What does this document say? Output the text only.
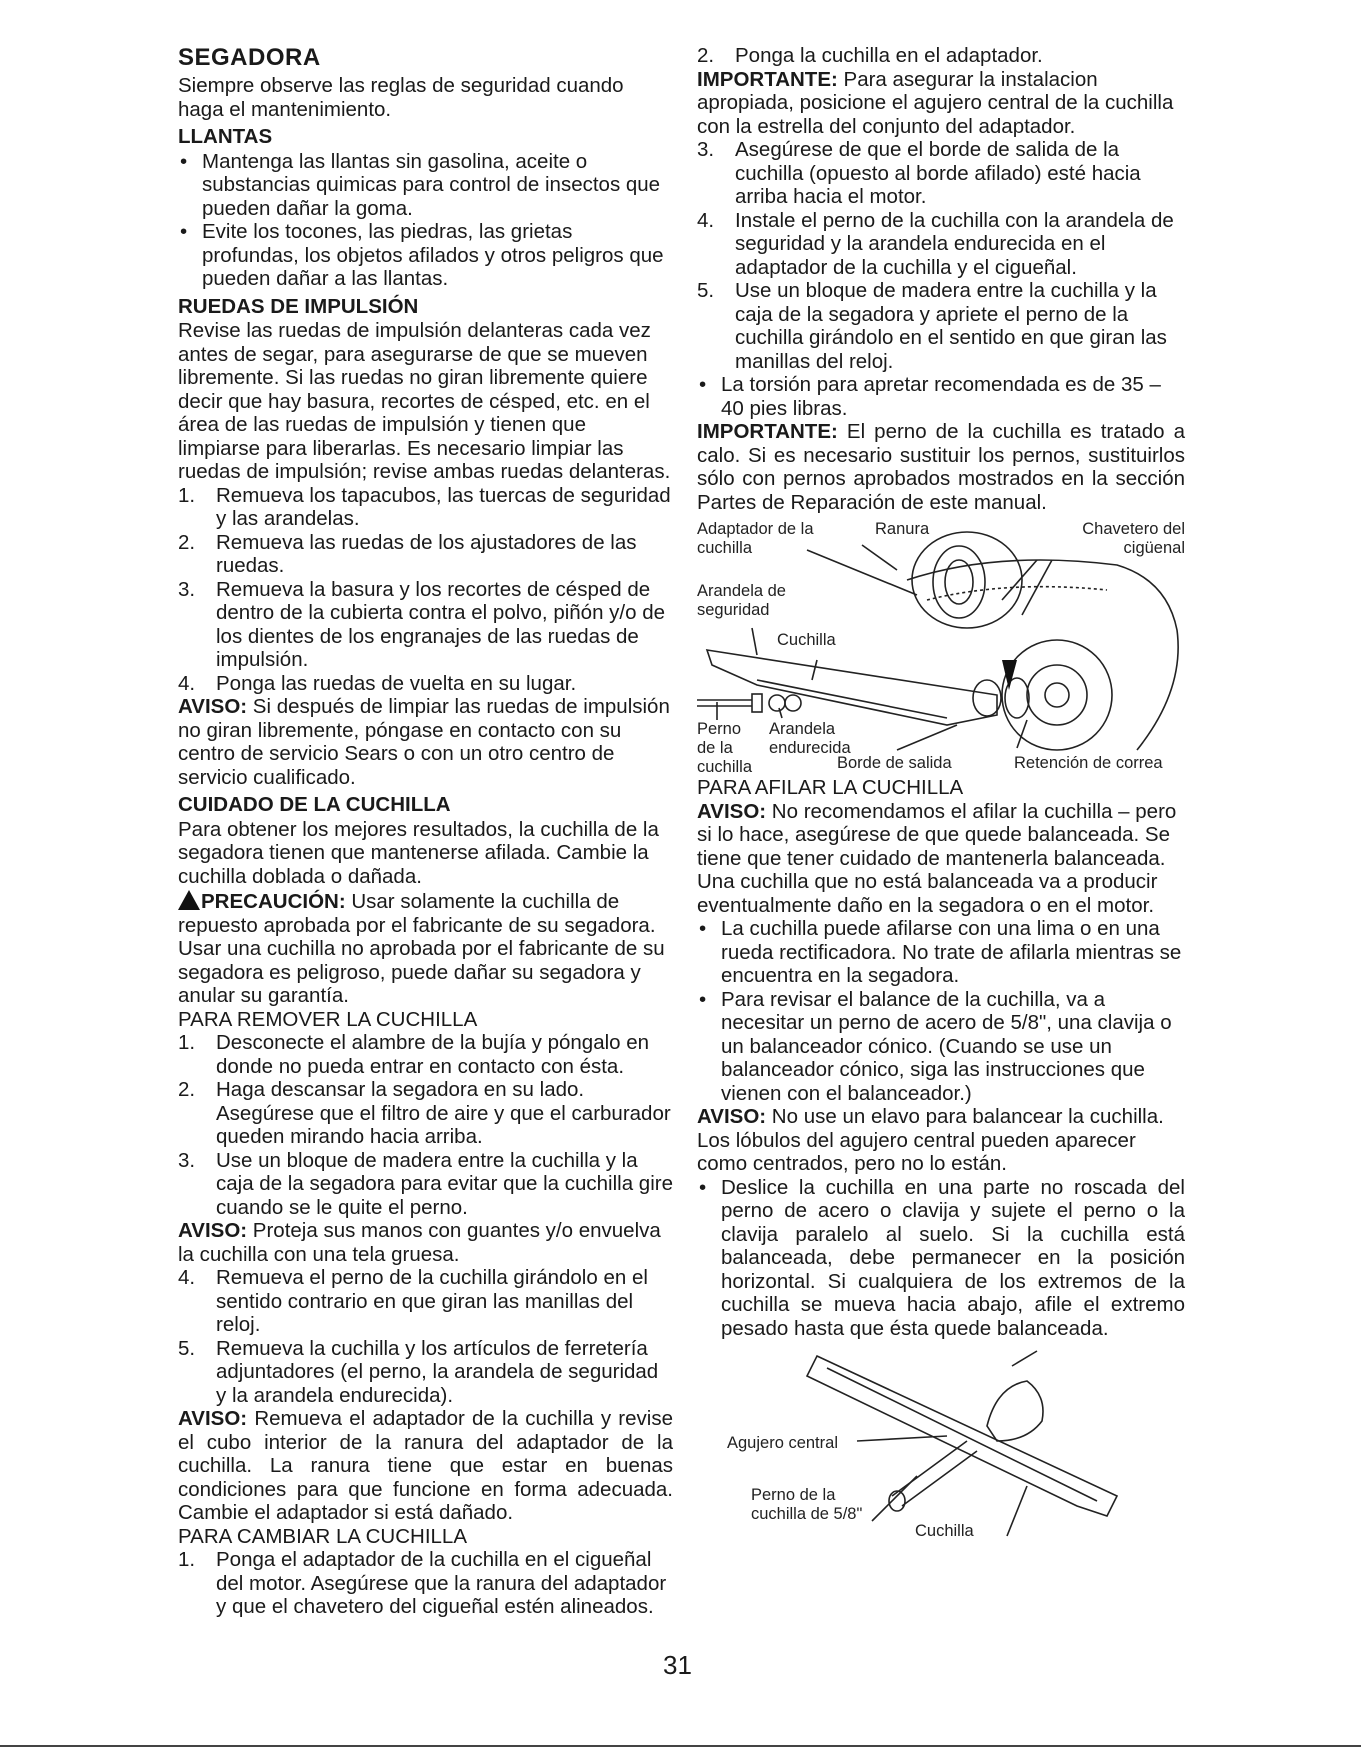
SEGADORA

Siempre observe las reglas de seguridad cuando haga el mantenimiento.

LLANTAS
• Mantenga las llantas sin gasolina, aceite o substancias quimicas para control de insectos que pueden dañar la goma.
• Evite los tocones, las piedras, las grietas profundas, los objetos afilados y otros peligros que pueden dañar a las llantas.
RUEDAS DE IMPULSIÓN

Revise las ruedas de impulsión delanteras cada vez antes de segar, para asegurarse de que se mueven libremente. Si las ruedas no giran libremente quiere decir que hay basura, recortes de césped, etc. en el área de las ruedas de impulsión y tienen que limpiarse para liberarlas. Es necesario limpiar las ruedas de impulsión; revise ambas ruedas delanteras.

1.	Remueva los tapacubos, las tuercas de seguridad y las arandelas.
2.	Remueva las ruedas de los ajustadores de las ruedas.
3.	Remueva la basura y los recortes de césped de dentro de la cubierta contra el polvo, piñón y/o de los dientes de los engranajes de las ruedas de impulsión.
4.	Ponga las ruedas de vuelta en su lugar.

AVISO: Si después de limpiar las ruedas de impulsión no giran libremente, póngase en contacto con su centro de servicio Sears o con un otro centro de servicio cualificado.

CUIDADO DE LA CUCHILLA

Para obtener los mejores resultados, la cuchilla de la segadora tienen que mantenerse afilada. Cambie la cuchilla doblada o dañada.

PRECAUCIÓN: Usar solamente la cuchilla de repuesto aprobada por el fabricante de su segadora. Usar una cuchilla no aprobada por el fabricante de su segadora es peligroso, puede dañar su segadora y anular su garantía.

PARA REMOVER LA CUCHILLA
1.	Desconecte el alambre de la bujía y póngalo en donde no pueda entrar en contacto con ésta.
2.	Haga descansar la segadora en su lado. Asegúrese que el filtro de aire y que el carburador queden mirando hacia arriba.
3.	Use un bloque de madera entre la cuchilla y la caja de la segadora para evitar que la cuchilla gire cuando se le quite el perno.

AVISO: Proteja sus manos con guantes y/o envuelva la cuchilla con una tela gruesa.

4.	Remueva el perno de la cuchilla girándolo en el sentido contrario en que giran las manillas del reloj.
5.	Remueva la cuchilla y los artículos de ferretería adjuntadores (el perno, la arandela de seguridad y la arandela endurecida).

AVISO: Remueva el adaptador de la cuchilla y revise el cubo interior de la ranura del adaptador de la cuchilla. La ranura tiene que estar en buenas condiciones para que funcione en forma adecuada. Cambie el adaptador si está dañado.

PARA CAMBIAR LA CUCHILLA
1.	Ponga el adaptador de la cuchilla en el cigueñal del motor. Asegúrese que la ranura del adaptador y que el chavetero del cigueñal estén alineados.
2.	Ponga la cuchilla en el adaptador.

IMPORTANTE: Para asegurar la instalacion apropiada, posicione el agujero central de la cuchilla con la estrella del conjunto del adaptador.

3.	Asegúrese de que el borde de salida de la cuchilla (opuesto al borde afilado) esté hacia arriba hacia el motor.
4.	Instale el perno de la cuchilla con la arandela de seguridad y la arandela endurecida en el adaptador de la cuchilla y el cigueñal.
5.	Use un bloque de madera entre la cuchilla y la caja de la segadora y apriete el perno de la cuchilla girándolo en el sentido en que giran las manillas del reloj.
• La torsión para apretar recomendada es de 35 – 40 pies libras.

IMPORTANTE: El perno de la cuchilla es tratado a calo. Si es necesario sustituir los pernos, sustituirlos sólo con pernos aprobados mostrados en la sección Partes de Reparación de este manual.

Adaptador de la cuchilla
Ranura	Chavetero del cigüenal
Arandela de seguridad
Cuchilla
Perno de la cuchilla
Arandela endurecida
Borde de salida	Retención de correa
PARA AFILAR LA CUCHILLA

AVISO: No recomendamos el afilar la cuchilla – pero si lo hace, asegúrese de que quede balanceada. Se tiene que tener cuidado de mantenerla balanceada. Una cuchilla que no está balanceada va a producir eventualmente daño en la segadora o en el motor.

• La cuchilla puede afilarse con una lima o en una rueda rectificadora. No trate de afilarla mientras se encuentra en la segadora.
• Para revisar el balance de la cuchilla, va a necesitar un perno de acero de 5/8", una clavija o un balanceador cónico. (Cuando se use un balanceador cónico, siga las instrucciones que vienen con el balanceador.)

AVISO: No use un elavo para balancear la cuchilla. Los lóbulos del agujero central pueden aparecer como centrados, pero no lo están.

• Deslice la cuchilla en una parte no roscada del perno de acero o clavija y sujete el perno o la clavija paralelo al suelo. Si la cuchilla está balanceada, debe permanecer en la posición horizontal. Si cualquiera de los extremos de la cuchilla se mueva hacia abajo, afile el extremo pesado hasta que ésta quede balanceada.
Agujero central
Perno de la cuchilla de 5/8"
Cuchilla
31
